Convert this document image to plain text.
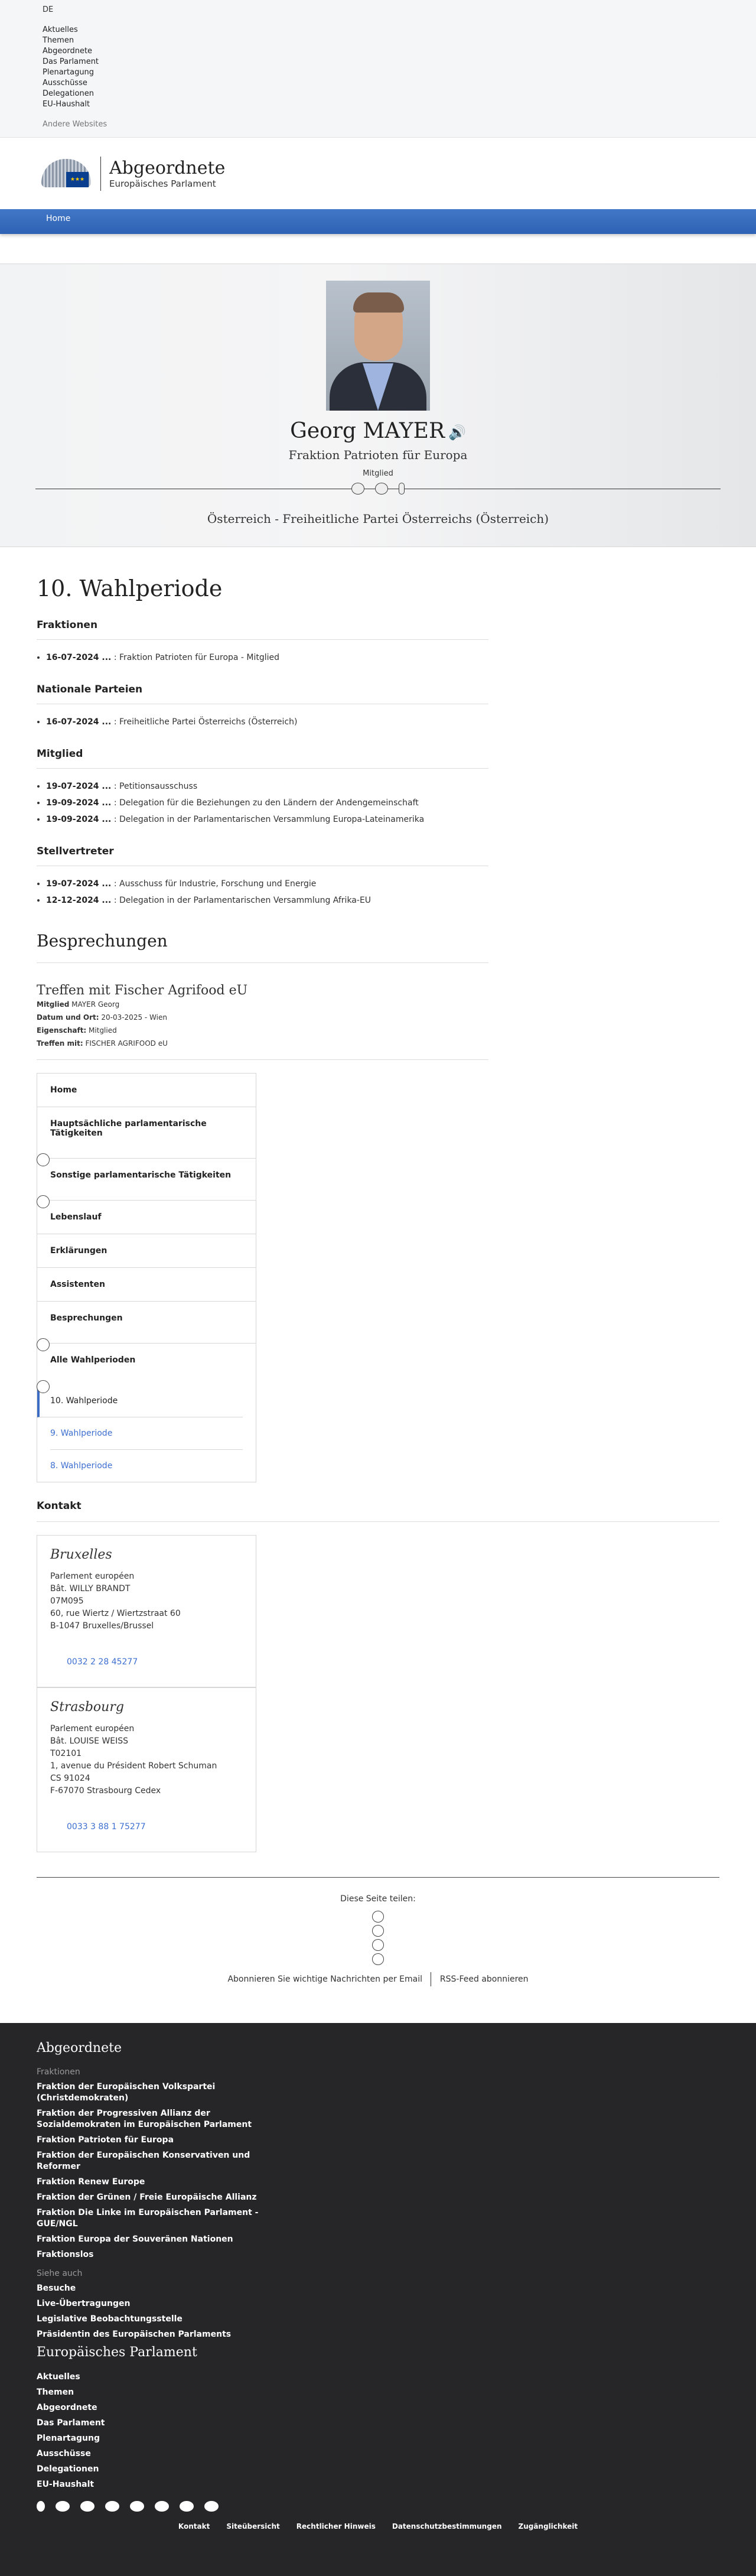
DE
Aktuelles
Themen
Abgeordnete
Das Parlament
Plenartagung
Ausschüsse
Delegationen
EU-Haushalt
Andere Websites
★★★
Abgeordnete
Europäisches Parlament
Home
Georg MAYER 🔊
Fraktion Patrioten für Europa
Mitglied
Österreich - Freiheitliche Partei Österreichs (Österreich)
10. Wahlperiode
Fraktionen
• 16-07-2024 ... : Fraktion Patrioten für Europa - Mitglied
Nationale Parteien
• 16-07-2024 ... : Freiheitliche Partei Österreichs (Österreich)
Mitglied
• 19-07-2024 ... : Petitionsausschuss
• 19-09-2024 ... : Delegation für die Beziehungen zu den Ländern der Andengemeinschaft
• 19-09-2024 ... : Delegation in der Parlamentarischen Versammlung Europa-Lateinamerika
Stellvertreter
• 19-07-2024 ... : Ausschuss für Industrie, Forschung und Energie
• 12-12-2024 ... : Delegation in der Parlamentarischen Versammlung Afrika-EU
Besprechungen
Treffen mit Fischer Agrifood eU

Mitglied MAYER Georg

Datum und Ort: 20-03-2025 - Wien

Eigenschaft: Mitglied

Treffen mit: FISCHER AGRIFOOD eU

Home
Hauptsächliche parlamentarische Tätigkeiten
Sonstige parlamentarische Tätigkeiten
Lebenslauf
Erklärungen
Assistenten
Besprechungen
Alle Wahlperioden
10. Wahlperiode
9. Wahlperiode
8. Wahlperiode
Kontakt
Bruxelles

Parlement européen

Bât. WILLY BRANDT

07M095

60, rue Wiertz / Wiertzstraat 60

B-1047 Bruxelles/Brussel

0032 2 28 45277
Strasbourg

Parlement européen

Bât. LOUISE WEISS

T02101

1, avenue du Président Robert Schuman

CS 91024

F-67070 Strasbourg Cedex

0033 3 88 1 75277
Diese Seite teilen:
Abonnieren Sie wichtige Nachrichten per Email RSS-Feed abonnieren
Abgeordnete
Fraktionen
Fraktion der Europäischen Volkspartei (Christdemokraten)
Fraktion der Progressiven Allianz der Sozialdemokraten im Europäischen Parlament
Fraktion Patrioten für Europa
Fraktion der Europäischen Konservativen und Reformer
Fraktion Renew Europe
Fraktion der Grünen / Freie Europäische Allianz
Fraktion Die Linke im Europäischen Parlament - GUE/NGL
Fraktion Europa der Souveränen Nationen
Fraktionslos
Siehe auch
Besuche
Live-Übertragungen
Legislative Beobachtungsstelle
Präsidentin des Europäischen Parlaments
Europäisches Parlament
Aktuelles
Themen
Abgeordnete
Das Parlament
Plenartagung
Ausschüsse
Delegationen
EU-Haushalt
Kontakt Siteübersicht Rechtlicher Hinweis Datenschutzbestimmungen Zugänglichkeit
